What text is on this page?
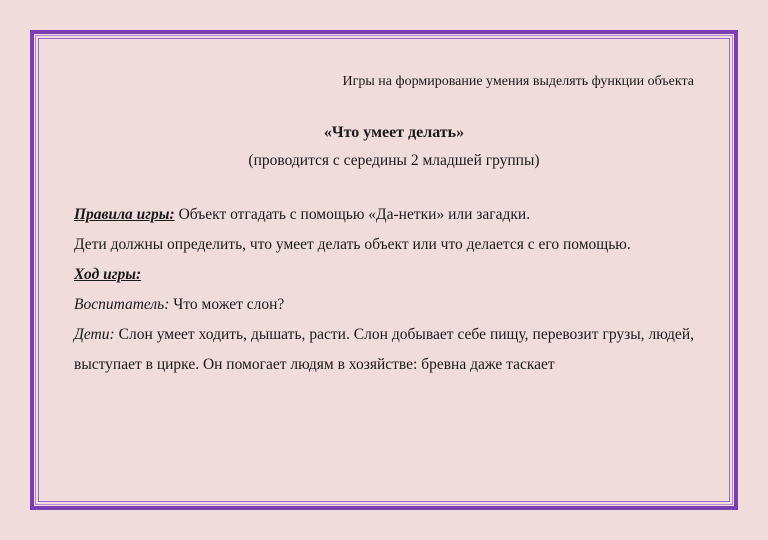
Игры на формирование умения выделять функции объекта

«Что умеет делать»

(проводится с середины 2 младшей группы)

Правила игры: Объект отгадать с помощью «Да-нетки» или загадки.

Дети должны определить, что умеет делать объект или что делается с его помощью.

Ход игры:

Воспитатель: Что может слон?

Дети: Слон умеет ходить, дышать, расти. Слон добывает себе пищу, перевозит грузы, людей, выступает в цирке. Он помогает людям в хозяйстве: бревна даже таскает
